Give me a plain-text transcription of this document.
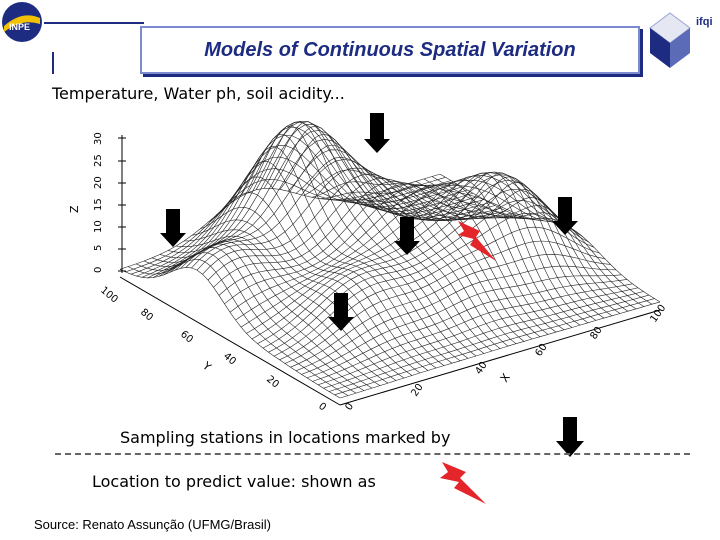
INPE
Models of Continuous Spatial Variation
ifqi
Temperature, Water ph, soil acidity...
0
5
10
15
20
25
30
Z
100
80
60
40
20
0
Y
0
20
40
60
80
100
X
Sampling stations in locations marked by
Location to predict value: shown as
Source: Renato Assunção (UFMG/Brasil)
